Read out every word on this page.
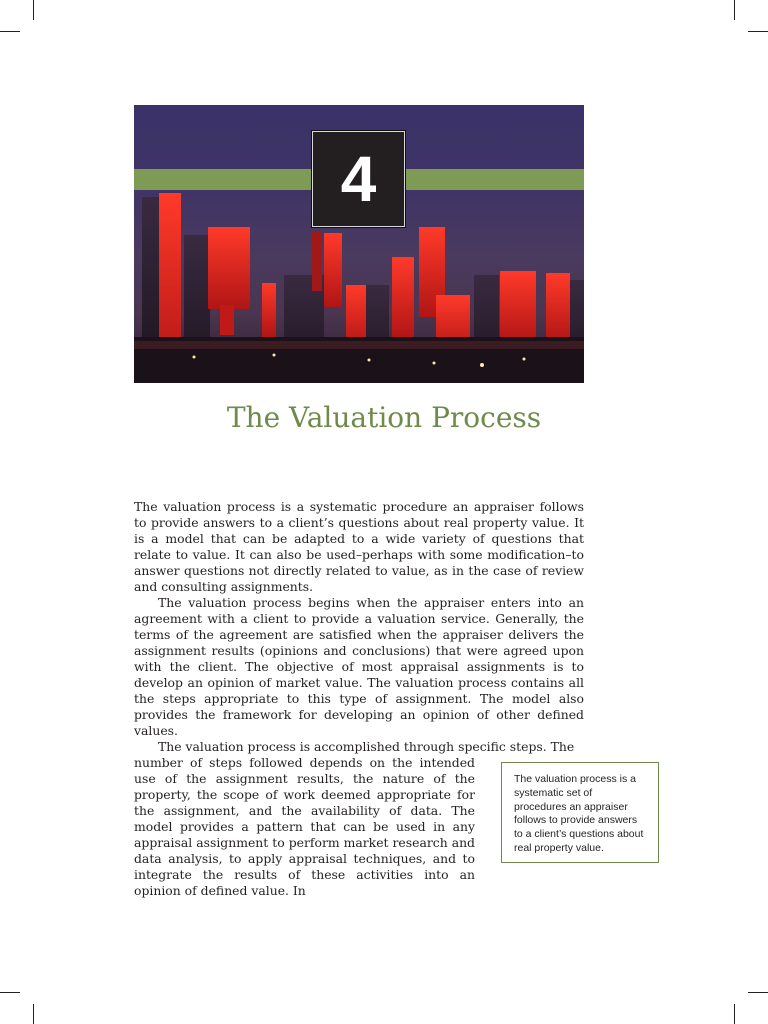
4
The Valuation Process

The valuation process is a systematic procedure an appraiser follows to provide answers to a client’s questions about real property value. It is a model that can be adapted to a wide variety of questions that relate to value. It can also be used–perhaps with some modification–to answer questions not directly related to value, as in the case of review and consulting assignments.

The valuation process begins when the appraiser enters into an agreement with a client to provide a valuation service. Generally, the terms of the agreement are satisfied when the appraiser delivers the assignment results (opinions and conclusions) that were agreed upon with the client. The objective of most appraisal assignments is to develop an opinion of market value. The valuation process contains all the steps appropriate to this type of assignment. The model also provides the framework for developing an opinion of other defined values.

The valuation process is accomplished through specific steps. The

number of steps followed depends on the intended use of the assignment results, the nature of the property, the scope of work deemed appropriate for the assignment, and the availability of data. The model provides a pattern that can be used in any appraisal assignment to perform market research and data analysis, to apply appraisal techniques, and to integrate the results of these activities into an opinion of defined value. In

The valuation process is a systematic set of procedures an appraiser follows to provide answers to a client’s questions about real property value.
